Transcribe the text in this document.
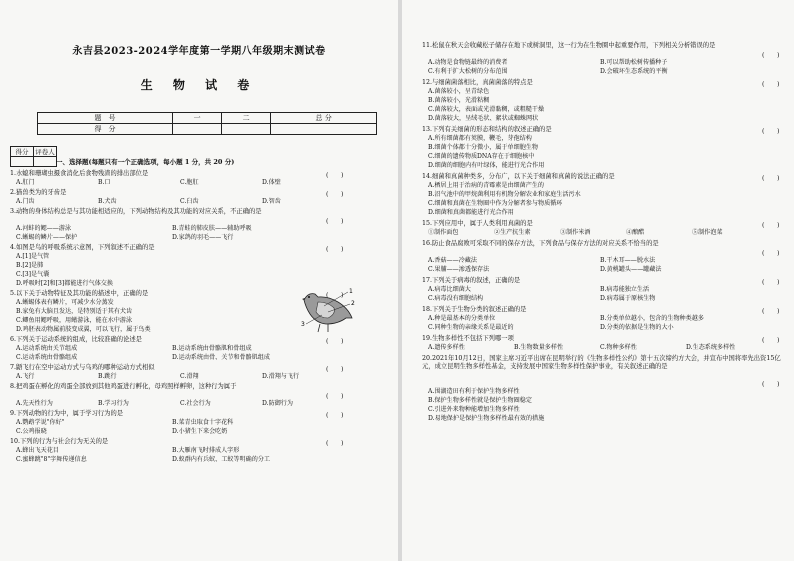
永吉县2023-2024学年度第一学期八年级期末测试卷
生 物 试 卷
题　号	一	二	总 分
得　分			
得分	评卷人

一、选择题(每题只有一个正确选项，每小题 1 分，共 20 分)
1.水螅和珊瑚虫摄食消化后食物残渣的排出部位是	(　　)
A.肛门	B.口	C.胞肛	D.体壁
2.猫兽类为的牙齿是	(　　)
A.门齿	B.犬齿	C.臼齿	D.智齿
3.动物的身体结构总是与其功能相适应的，下列动物结构及其功能的对应关系，不正确的是
(　　)
A.河蚌的鳃——游泳	B.青蛙的肺皮肤——辅助呼吸
C.蜥蜴的鳞片——保护	D.家鸽的羽毛——飞行
4.如图是鸟的呼吸系统示意图，下列叙述不正确的是	(　　)
A.[1]是气管
B.[2]是肺
C.[3]是气囊
D.呼吸时[2]和[3]都能进行气体交换
5.以下关于动物特征及其功能的描述中，正确的是	(　　)
A.蜥蜴体表有鳞片，可减少水分蒸发
B.家兔有大脑且发达，是特别适于其有犬齿
C.鲫鱼用鳃呼吸，用鳍游泳，能在水中游泳
D.鸡胚表动物属前肢变成翼，可以飞行，属于鸟类
6.下列关于运动系统的组成，比较准确的论述是	(　　)
A.运动系统由关节组成	B.运动系统由骨骼肌和骨组成
C.运动系统由骨骼组成	D.运动系统由骨、关节和骨骼肌组成
7.鼯飞行在空中运动方式与乌鸡的哪种运动方式相似	(　　)
A.飞行	B.跳行	C.滑翔	D.滑翔与飞行
8.把鸡蛋在孵化的鸡蛋全部放到其他鸡蛋进行孵化，母鸡照样孵卵，这种行为属于
(　　)
A.先天性行为	B.学习行为	C.社会行为	D.防御行为
9.下列动物的行为中，属于学习行为的是	(　　)
A.鹦鹉学说"你好"	B.菜青虫取食十字花科
C.公鸡报晓	D.小猪生下来会吃奶
10.下列的行为与社会行为无关的是	(　　)
A.蜂出飞天花目	B.大雁南飞时排成人字形
C.蜜蜂跳"8"字舞传递信息	D.蚁群内有兵蚁、工蚁等明确的分工
1
2
3
11.松鼠在秋天会收藏松子储存在地下或树洞里，这一行为在生物圈中起重要作用，下列相关分析错误的是
(　　)
A.动物是食物链最终的消费者	B.可以帮助松树传播种子
C.有利于扩大松树的分布范围	D.会破坏生态系统的平衡
12.与细菌菌落相比，真菌菌落的特点是	(　　)
A.菌落较小，呈青绿色
B.菌落较小，光滑粘稠
C.菌落较大，表面或光滑黏稠，或粗糙干燥
D.菌落较大，呈绒毛状、絮状或蜘蛛网状
13.下列有关细菌的形态和结构的叙述正确的是	(　　)
A.所有细菌都有荚膜，鞭毛，芽孢结构
B.细菌个体都十分微小，属于单细胞生物
C.细菌的遗传物质DNA存在于细胞核中
D.细菌的细胞内有叶绿体，能进行光合作用
14.细菌和真菌种类多，分布广，以下关于细菌和真菌的说法正确的是	(　　)
A.栖居上用于治病的青霉素是由细菌产生的
B.沼气池中的甲烷菌利用有机物分解农业和家庭生活污水
C.细菌和真菌在生物圈中作为分解者参与物质循环
D.细菌和真菌都能进行光合作用
15.下列应用中，属于人类利用真菌的是	(　　)
①制作面包	②生产抗生素	③制作米酒	④酿醋	⑤制作泡菜
16.防止食品腐败可采取不同的保存方法，下列食品与保存方法的对应关系不恰当的是
(　　)
A.香菇——冷藏法	B.干木耳——脱水法
C.果脯——渗透保存法	D.黄桃罐头——罐藏法
17.下列关于病毒的叙述，正确的是	(　　)
A.病毒比细菌大	B.病毒能独立生活
C.病毒没有细胞结构	D.病毒属于原核生物
18.下列关于生物分类的叙述正确的是	(　　)
A.种是最基本的分类单位	B.分类单位越小，包含的生物种类越多
C.同种生物的亲缘关系是最近的	D.分类的依据是生物的大小
19.生物多样性不包括下列哪一项	(　　)
A.遗传多样性	B.生物数量多样性	C.物种多样性	D.生态系统多样性
20.2021年10月12日，国家主席习近平出席在昆明举行的《生物多样性公约》第十五次缔约方大会，并宣布中国将率先出资15亿元，成立昆明生物多样性基金，支持发展中国家生物多样性保护事业，有关叙述正确的是
(　　)
A.围湖造田有利于保护生物多样性
B.保护生物多样性就是保护生物圈稳定
C.引进外来物种能增加生物多样性
D.易地保护是保护生物多样性最有效的措施
